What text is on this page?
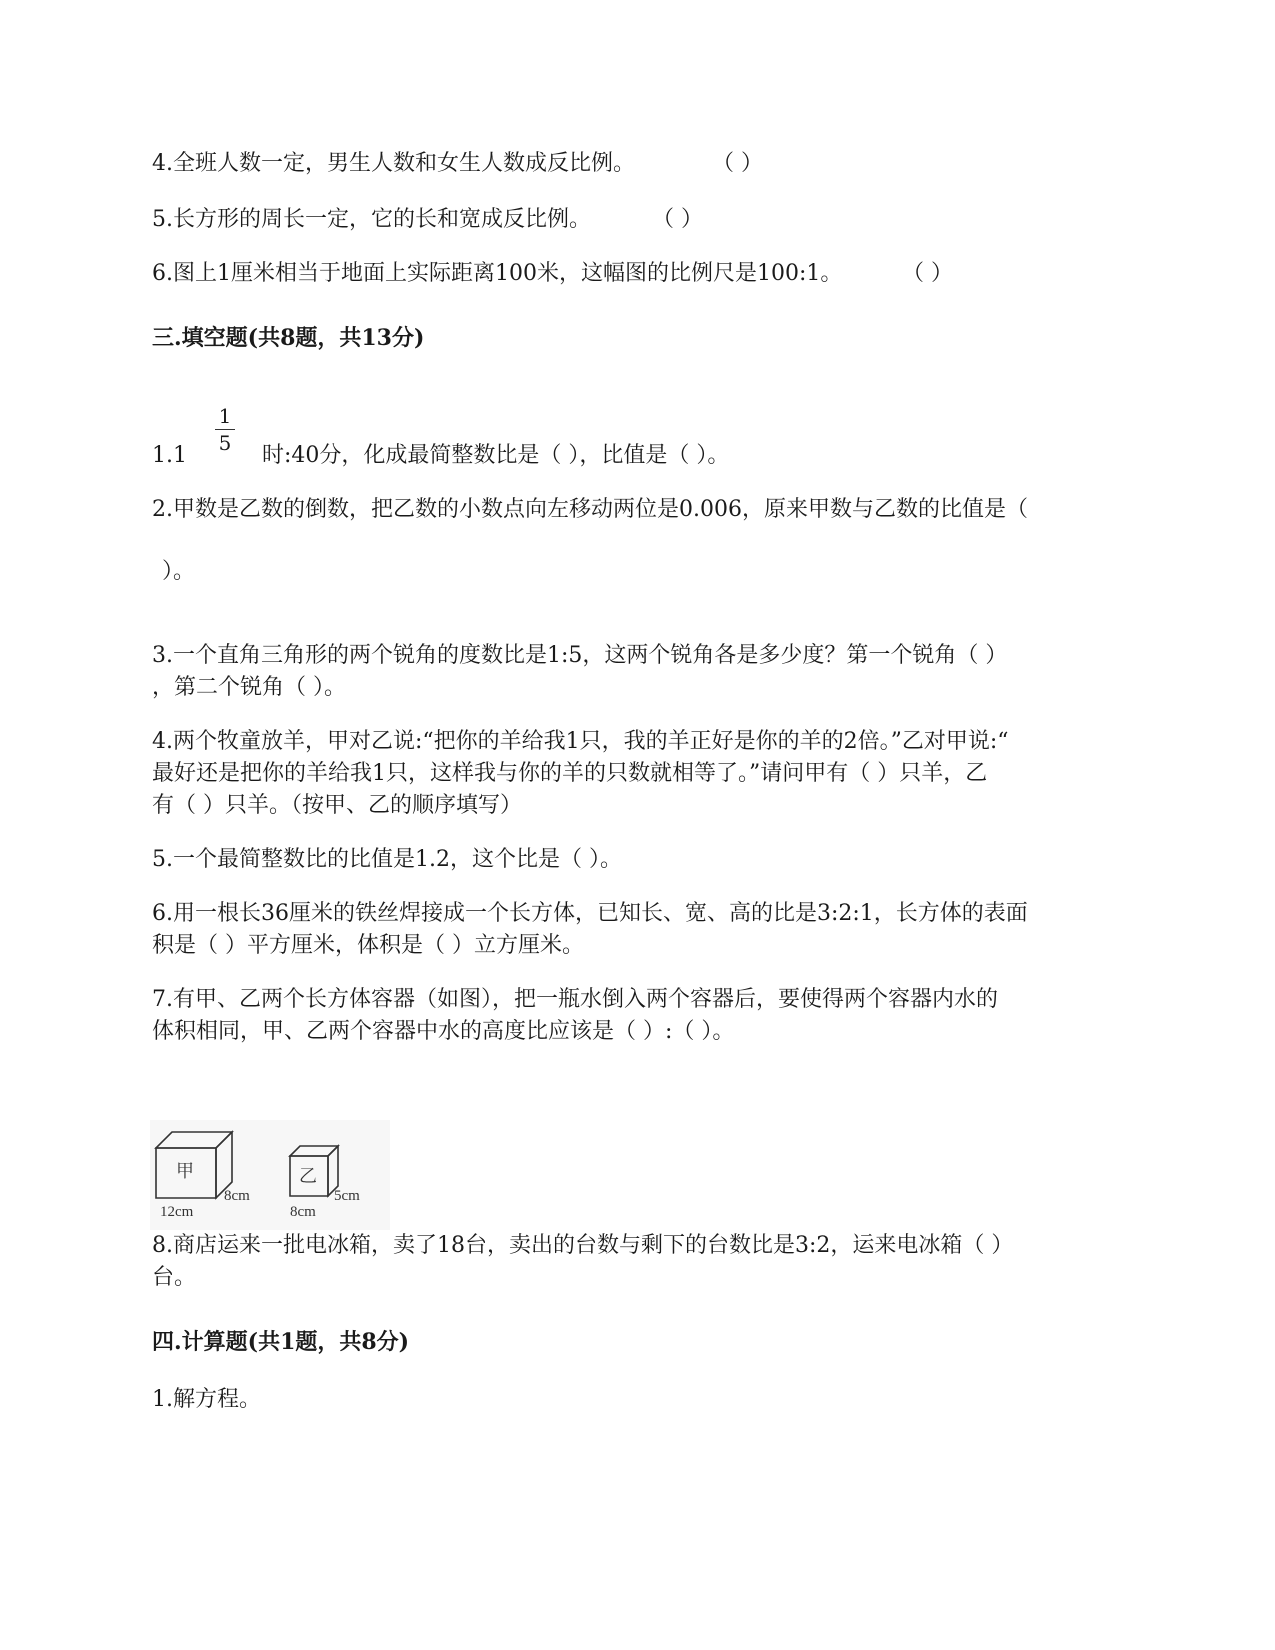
4.全班人数一定，男生人数和女生人数成反比例。	（ ）
5.长方形的周长一定，它的长和宽成反比例。	（ ）
6.图上1厘米相当于地面上实际距离100米，这幅图的比例尺是100:1。	（ ）
三.填空题(共8题，共13分)
1
5
1.1	时:40分，化成最简整数比是（ ），比值是（ ）。
2.甲数是乙数的倒数，把乙数的小数点向左移动两位是0.006，原来甲数与乙数的比值是（
）。
3.一个直角三角形的两个锐角的度数比是1:5，这两个锐角各是多少度？第一个锐角（ ）
，第二个锐角（ ）。
4.两个牧童放羊，甲对乙说:“把你的羊给我1只，我的羊正好是你的羊的2倍。”乙对甲说:“
最好还是把你的羊给我1只，这样我与你的羊的只数就相等了。”请问甲有（ ）只羊，乙
有（ ）只羊。（按甲、乙的顺序填写）
5.一个最简整数比的比值是1.2，这个比是（ ）。
6.用一根长36厘米的铁丝焊接成一个长方体，已知长、宽、高的比是3:2:1，长方体的表面
积是（ ）平方厘米，体积是（ ）立方厘米。
7.有甲、乙两个长方体容器（如图），把一瓶水倒入两个容器后，要使得两个容器内水的
体积相同，甲、乙两个容器中水的高度比应该是（ ）:（ ）。
甲
8cm
12cm
乙
5cm
8cm
8.商店运来一批电冰箱，卖了18台，卖出的台数与剩下的台数比是3:2，运来电冰箱（ ）
台。
四.计算题(共1题，共8分)
1.解方程。
